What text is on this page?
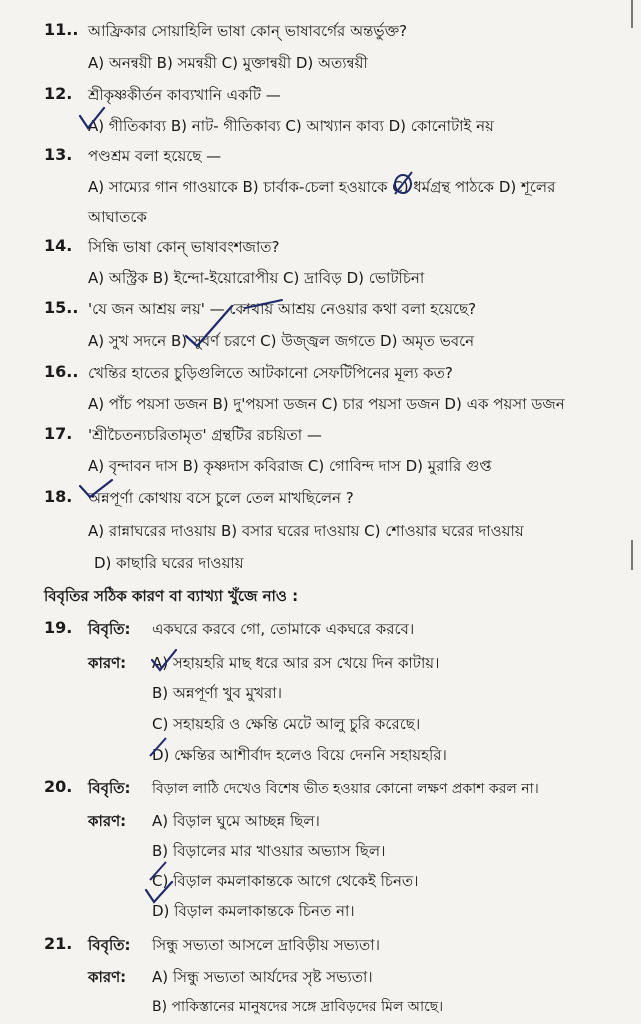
11.. আফ্রিকার সোয়াহিলি ভাষা কোন্ ভাষাবর্গের অন্তর্ভুক্ত?
A) অনন্বয়ী B) সমন্বয়ী C) মুক্তান্বয়ী D) অত্যন্বয়ী
12. শ্রীকৃষ্ণকীর্তন কাব্যখানি একটি —
A) গীতিকাব্য B) নাট- গীতিকাব্য C) আখ্যান কাব্য D) কোনোটাই নয়
13. পণ্ডশ্রম বলা হয়েছে —
A) সাম্যের গান গাওয়াকে B) চার্বাক-চেলা হওয়াকে C) ধর্মগ্রন্থ পাঠকে D) শূলের
আঘাতকে
14. সিন্ধি ভাষা কোন্ ভাষাবংশজাত?
A) অস্ট্রিক B) ইন্দো-ইয়োরোপীয় C) দ্রাবিড় D) ভোটচিনা
15.. 'যে জন আশ্রয় লয়' — কোথায় আশ্রয় নেওয়ার কথা বলা হয়েছে?
A) সুখ সদনে B) সুবর্ণ চরণে C) উজ্জ্বল জগতে D) অমৃত ভবনে
16.. খেন্তির হাতের চুড়িগুলিতে আটকানো সেফটিপিনের মূল্য কত?
A) পাঁচ পয়সা ডজন B) দু'পয়সা ডজন C) চার পয়সা ডজন D) এক পয়সা ডজন
17. 'শ্রীচৈতন্যচরিতামৃত' গ্রন্থটির রচয়িতা —
A) বৃন্দাবন দাস B) কৃষ্ণদাস কবিরাজ C) গোবিন্দ দাস D) মুরারি গুপ্ত
18. অন্নপূর্ণা কোথায় বসে চুলে তেল মাখছিলেন ?
A) রান্নাঘরের দাওয়ায় B) বসার ঘরের দাওয়ায় C) শোওয়ার ঘরের দাওয়ায়
D) কাছারি ঘরের দাওয়ায়
বিবৃতির সঠিক কারণ বা ব্যাখ্যা খুঁজে নাও :
19. বিবৃতি: একঘরে করবে গো, তোমাকে একঘরে করবে।
কারণ: A) সহায়হরি মাছ ধরে আর রস খেয়ে দিন কাটায়।
B) অন্নপূর্ণা খুব মুখরা।
C) সহায়হরি ও ক্ষেন্তি মেটে আলু চুরি করেছে।
D) ক্ষেন্তির আশীর্বাদ হলেও বিয়ে দেননি সহায়হরি।
20. বিবৃতি: বিড়াল লাঠি দেখেও বিশেষ ভীত হওয়ার কোনো লক্ষণ প্রকাশ করল না।
কারণ: A) বিড়াল ঘুমে আচ্ছন্ন ছিল।
B) বিড়ালের মার খাওয়ার অভ্যাস ছিল।
C) বিড়াল কমলাকান্তকে আগে থেকেই চিনত।
D) বিড়াল কমলাকান্তকে চিনত না।
21. বিবৃতি: সিন্ধু সভ্যতা আসলে দ্রাবিড়ীয় সভ্যতা।
কারণ: A) সিন্ধু সভ্যতা আর্যদের সৃষ্ট সভ্যতা।
B) পাকিস্তানের মানুষদের সঙ্গে দ্রাবিড়দের মিল আছে।
